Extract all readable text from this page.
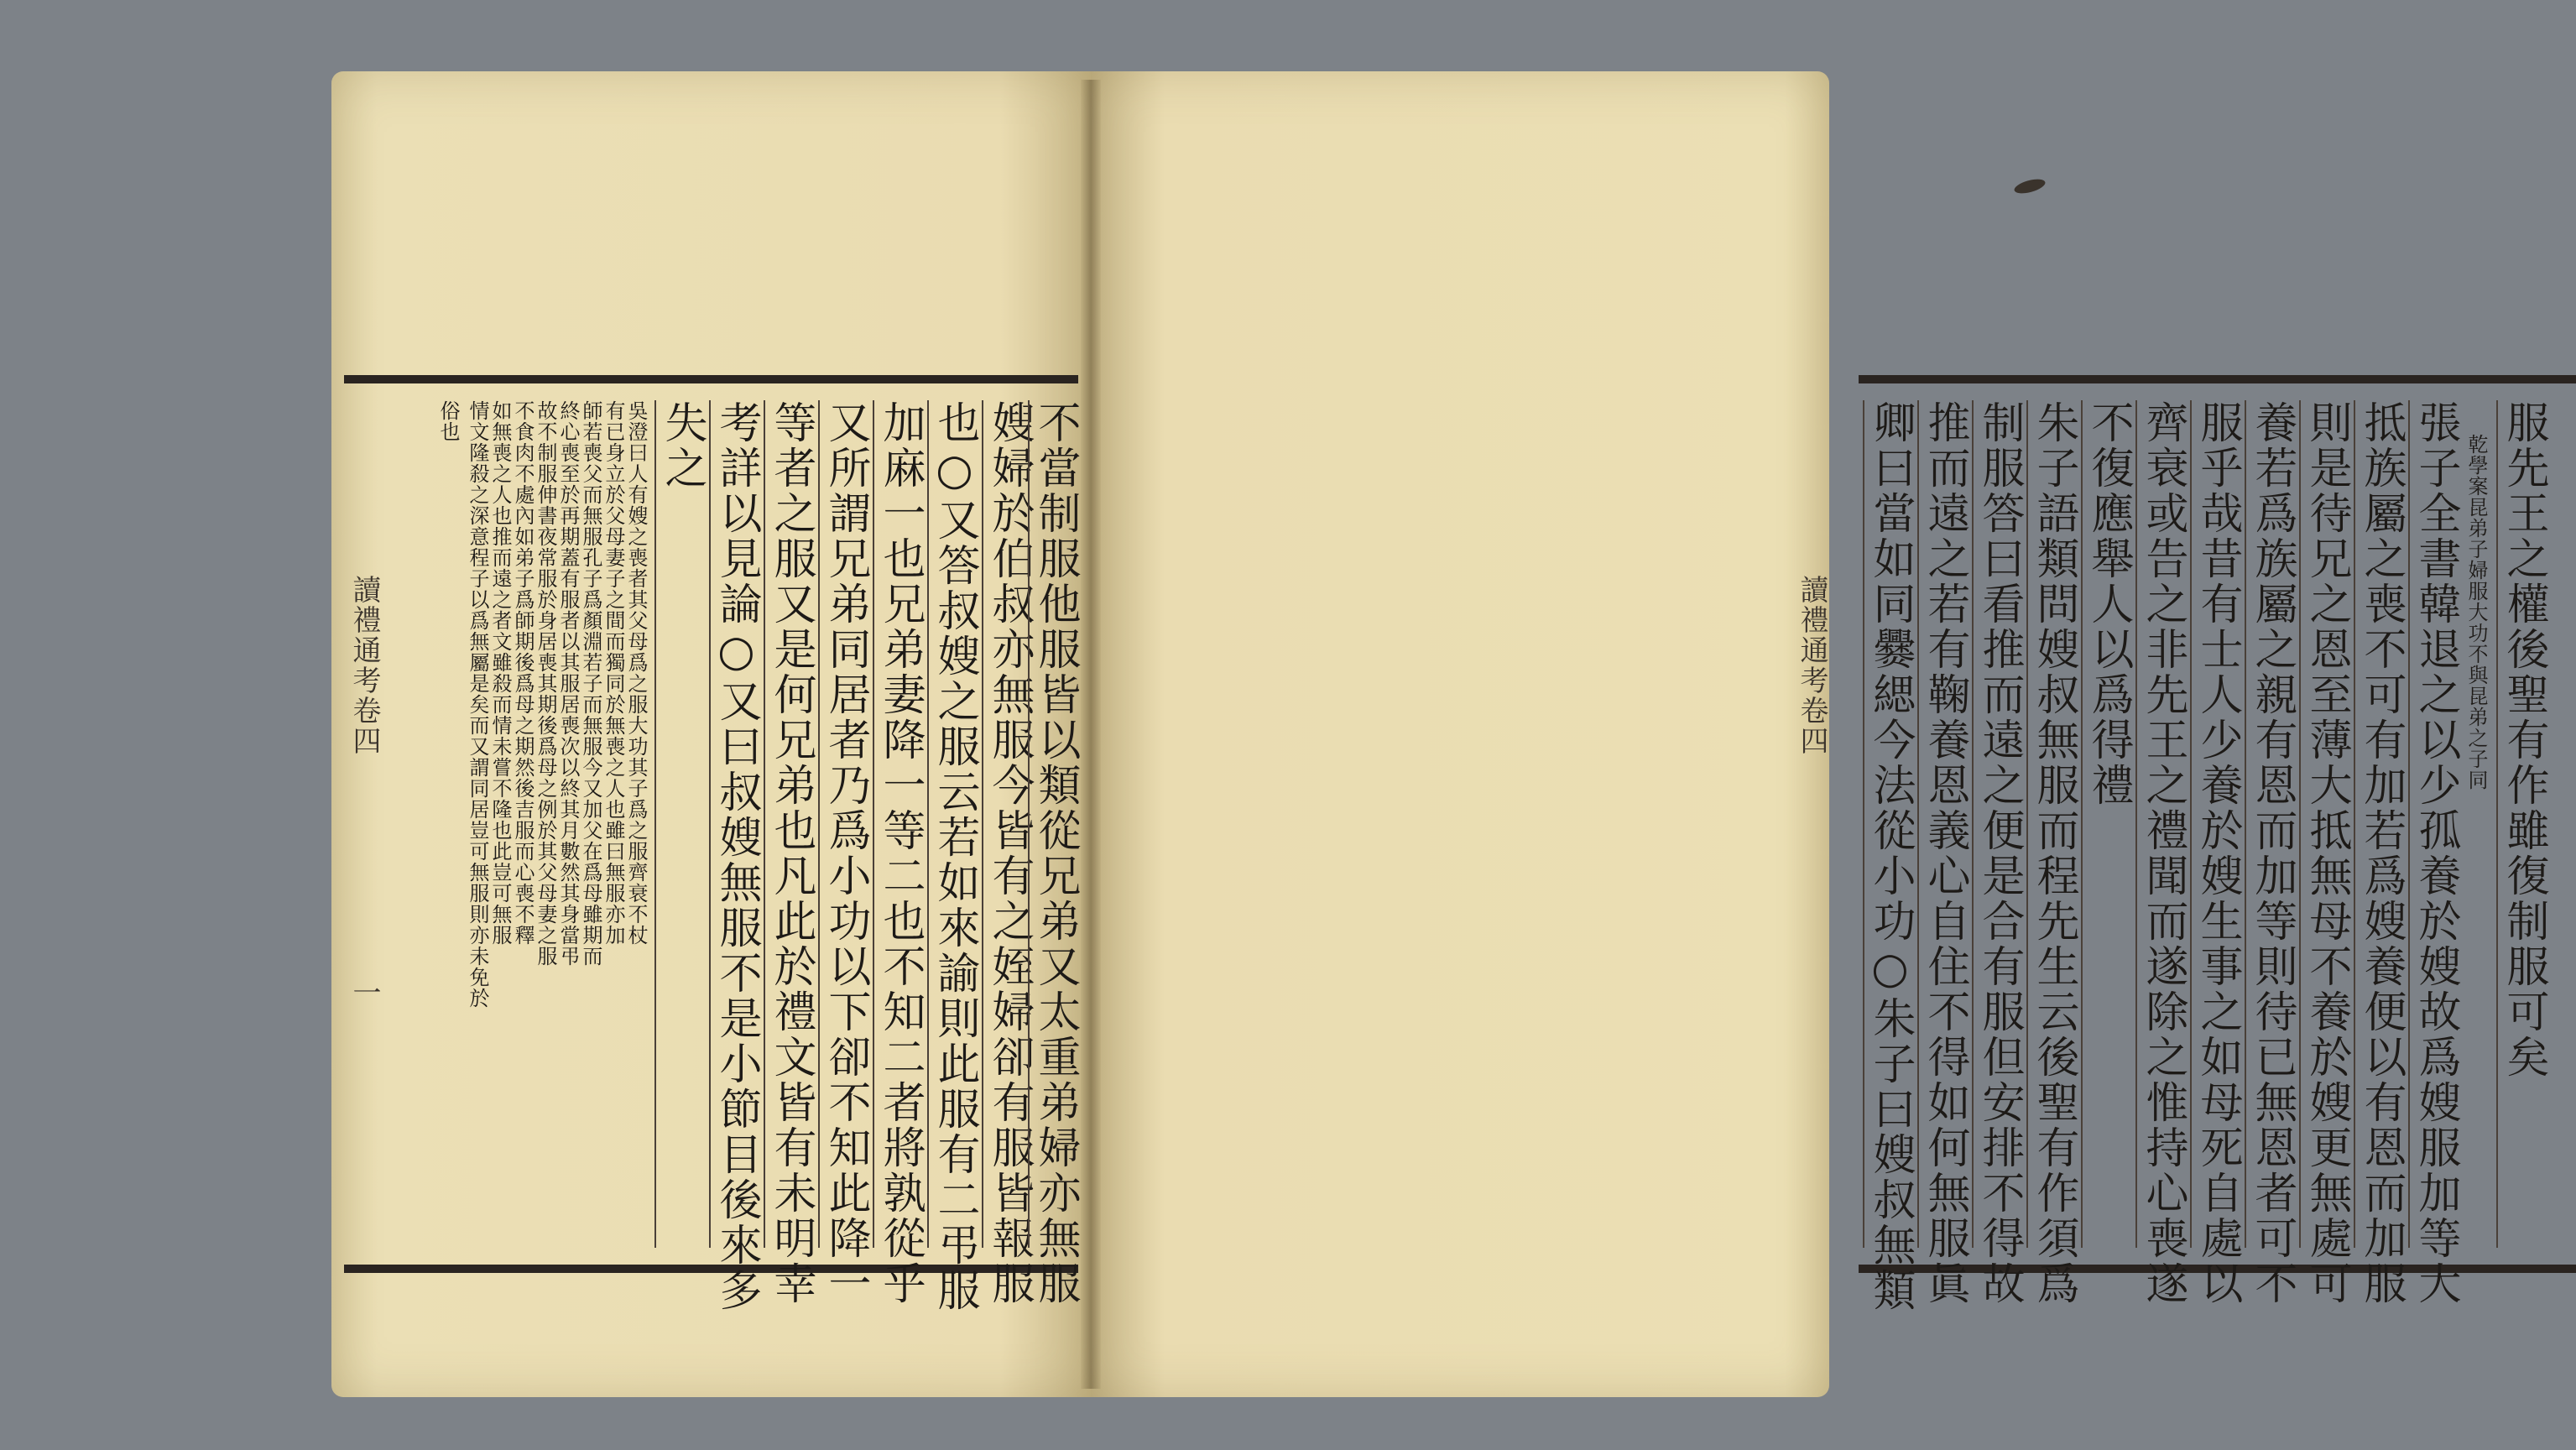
俗也 情文隆殺之深意程子以爲無屬是矣而又謂同居豈可無服則亦未免於 如無喪之人也推而遠之者文雖殺而情未嘗不隆也此豈可無服 不食肉不處內如弟子爲師期後爲母之期然後吉服而心喪不釋 故不制服伸書夜常服於身居喪其期後爲母之例於其父母妻之服 終心喪至於再期蓋有服者以其服居喪次以終其月數然其身當弔 師若喪父而無服孔子爲顏淵若子而無服今又加父在爲母雖期而 有已身立於父母妻子之間而獨同於無喪之人也雖曰無服亦加 吳澄曰人有嫂之喪者其父母爲之服大功其子爲之服齊衰不杖 失之 考詳以見論○又曰叔嫂無服不是小節目後來多 等者之服又是何兄弟也凡此於禮文皆有未明幸 又所謂兄弟同居者乃爲小功以下卻不知此降一 加麻一也兄弟妻降一等二也不知二者將孰從乎 也○又答叔嫂之服云若如來諭則此服有二弔服 嫂婦於伯叔亦無服今皆有之姪婦卻有服皆報服
不當制服他服皆以類從兄弟又太重弟婦亦無服
讀禮通考卷四
一	卿曰當如同爨緦今法從小功○朱子曰嫂叔無類 推而遠之若有鞠養恩義心自住不得如何無服眞 制服答曰看推而遠之便是合有服但安排不得故 朱子語類問嫂叔無服而程先生云後聖有作須爲 不復應舉人以爲得禮 齊衰或告之非先王之禮聞而遂除之惟持心喪遂 服乎哉昔有士人少養於嫂生事之如母死自處以 養若爲族屬之親有恩而加等則待已無恩者可不 則是待兄之恩至薄大抵無母不養於嫂更無處可 抵族屬之喪不可有加若爲嫂養便以有恩而加服 張子全書韓退之以少孤養於嫂故爲嫂服加等大 乾學案昆弟子婦服大功不與昆弟之子同 服先王之權後聖有作雖復制服可矣
讀禮通考卷四
